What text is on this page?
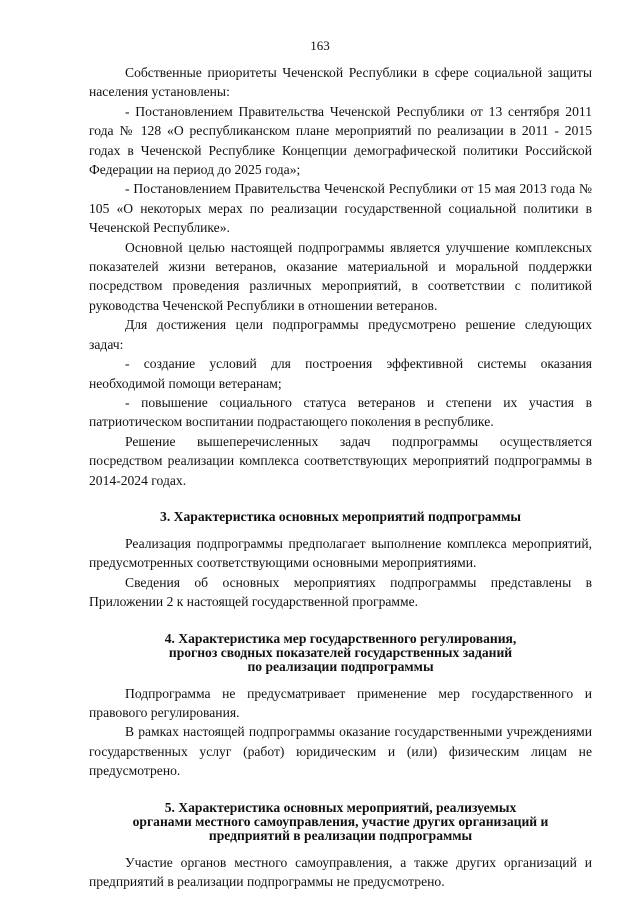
163

Собственные приоритеты Чеченской Республики в сфере социальной защиты населения установлены:

- Постановлением Правительства Чеченской Республики от 13 сентября 2011 года № 128 «О республиканском плане мероприятий по реализации в 2011 - 2015 годах в Чеченской Республике Концепции демографической политики Российской Федерации на период до 2025 года»;

- Постановлением Правительства Чеченской Республики от 15 мая 2013 года № 105 «О некоторых мерах по реализации государственной социальной политики в Чеченской Республике».

Основной целью настоящей подпрограммы является улучшение комплексных показателей жизни ветеранов, оказание материальной и моральной поддержки посредством проведения различных мероприятий, в соответствии с политикой руководства Чеченской Республики в отношении ветеранов.

Для достижения цели подпрограммы предусмотрено решение следующих задач:

- создание условий для построения эффективной системы оказания необходимой помощи ветеранам;

- повышение социального статуса ветеранов и степени их участия в патриотическом воспитании подрастающего поколения в республике.

Решение вышеперечисленных задач подпрограммы осуществляется посредством реализации комплекса соответствующих мероприятий подпрограммы в 2014-2024 годах.

3. Характеристика основных мероприятий подпрограммы

Реализация подпрограммы предполагает выполнение комплекса мероприятий, предусмотренных соответствующими основными мероприятиями.

Сведения об основных мероприятиях подпрограммы представлены в Приложении 2 к настоящей государственной программе.

4. Характеристика мер государственного регулирования,
прогноз сводных показателей государственных заданий
по реализации подпрограммы

Подпрограмма не предусматривает применение мер государственного и правового регулирования.

В рамках настоящей подпрограммы оказание государственными учреждениями государственных услуг (работ) юридическим и (или) физическим лицам не предусмотрено.

5. Характеристика основных мероприятий, реализуемых
органами местного самоуправления, участие других организаций и
предприятий в реализации подпрограммы

Участие органов местного самоуправления, а также других организаций и предприятий в реализации подпрограммы не предусмотрено.
